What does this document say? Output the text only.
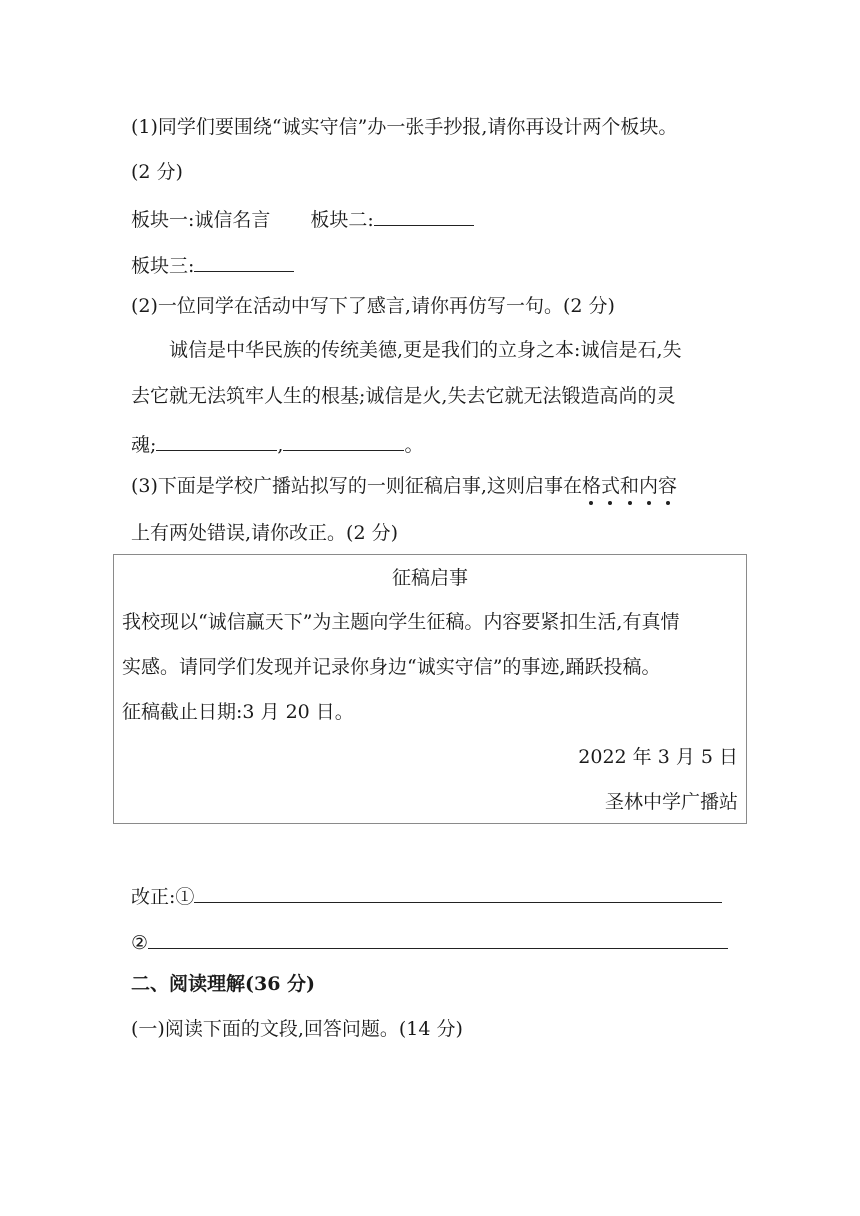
(1)同学们要围绕“诚实守信”办一张手抄报,请你再设计两个板块。
(2 分)
板块一:诚信名言 板块二:
板块三:
(2)一位同学在活动中写下了感言,请你再仿写一句。(2 分)
诚信是中华民族的传统美德,更是我们的立身之本:诚信是石,失
去它就无法筑牢人生的根基;诚信是火,失去它就无法锻造高尚的灵
魂;	,	。
(3)下面是学校广播站拟写的一则征稿启事,这则启事在格式和内容
上有两处错误,请你改正。(2 分)
征稿启事
我校现以“诚信赢天下”为主题向学生征稿。内容要紧扣生活,有真情
实感。请同学们发现并记录你身边“诚实守信”的事迹,踊跃投稿。
征稿截止日期:3 月 20 日。
2022 年 3 月 5 日
圣林中学广播站
改正:①
②
二、阅读理解(36 分)
(一)阅读下面的文段,回答问题。(14 分)
